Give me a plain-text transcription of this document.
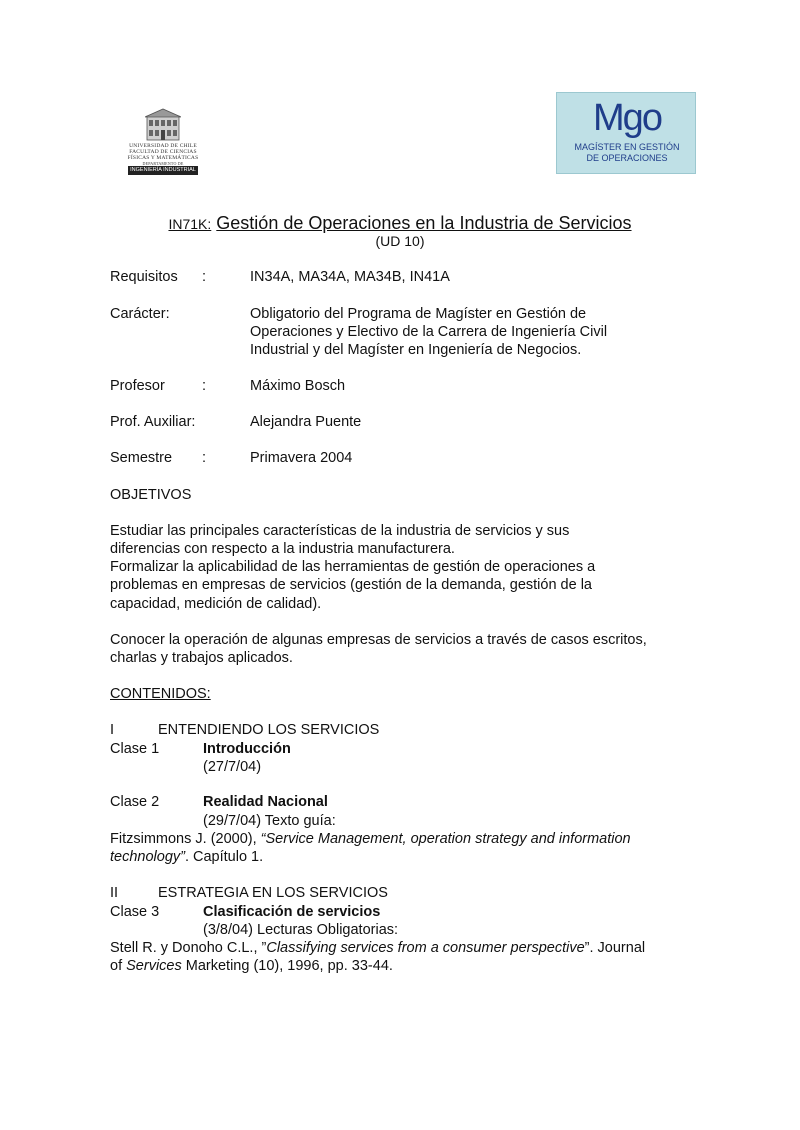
UNIVERSIDAD DE CHILE
FACULTAD DE CIENCIAS
FÍSICAS Y MATEMÁTICAS
DEPARTAMENTO DE
INGENIERÍA INDUSTRIAL
Mgo
MAGÍSTER EN GESTIÓN
DE OPERACIONES
IN71K: Gestión de Operaciones en la Industria de Servicios
(UD 10)
Requisitos :	IN34A, MA34A, MA34B, IN41A
Carácter:	Obligatorio del Programa de Magíster en Gestión de
Operaciones y Electivo de la Carrera de Ingeniería Civil
Industrial y del Magíster en Ingeniería de Negocios.
Profesor	:	Máximo Bosch
Prof. Auxiliar:	Alejandra Puente
Semestre :	Primavera 2004
OBJETIVOS
Estudiar las principales características de la industria de servicios y sus
diferencias con respecto a la industria manufacturera.
Formalizar la aplicabilidad de las herramientas de gestión de operaciones a
problemas en empresas de servicios (gestión de la demanda, gestión de la
capacidad, medición de calidad).
Conocer la operación de algunas empresas de servicios a través de casos escritos,
charlas y trabajos aplicados.
CONTENIDOS:
I	ENTENDIENDO LOS SERVICIOS
Clase 1	Introducción
(27/7/04)
Clase 2	Realidad Nacional
(29/7/04) Texto guía:
Fitzsimmons J. (2000), “Service Management, operation strategy and information
technology”. Capítulo 1.
II	ESTRATEGIA EN LOS SERVICIOS
Clase 3	Clasificación de servicios
(3/8/04) Lecturas Obligatorias:
Stell R. y Donoho C.L., ”Classifying services from a consumer perspective”. Journal
of Services Marketing (10), 1996, pp. 33-44.
